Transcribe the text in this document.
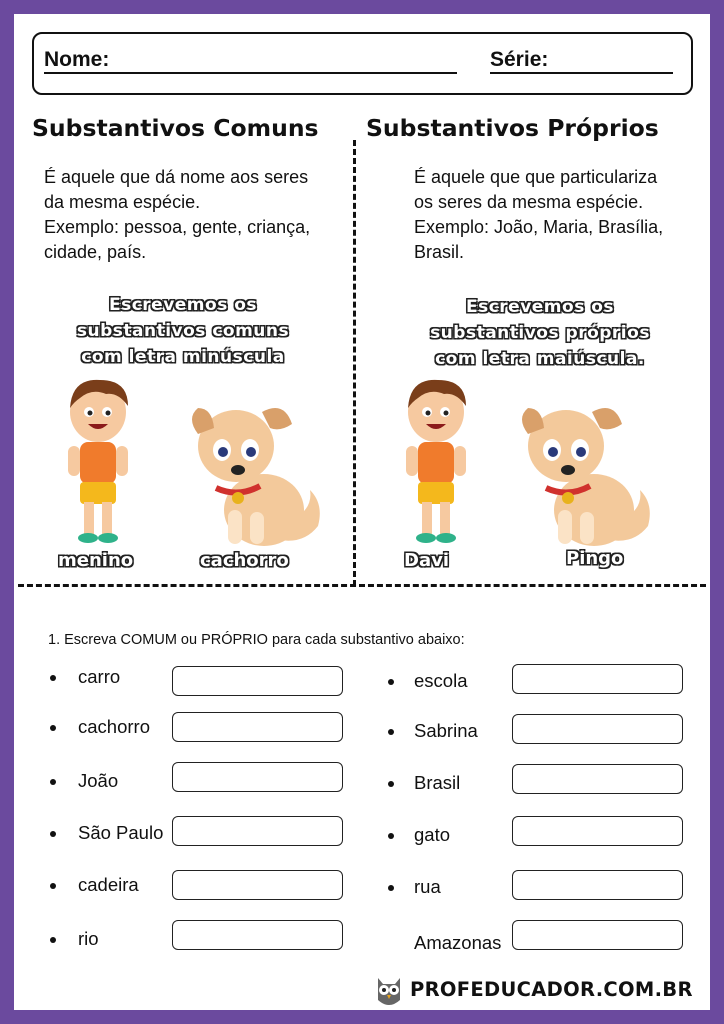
Nome:	Série:
Substantivos Comuns Substantivos Próprios
É aquele que dá nome aos seres
da mesma espécie.
Exemplo: pessoa, gente, criança,
cidade, país.
É aquele que que particulariza
os seres da mesma espécie.
Exemplo: João, Maria, Brasília,
Brasil.
Escrevemos os
substantivos comuns
com letra minúscula
Escrevemos os
substantivos próprios
com letra maiúscula.
menino	cachorro	Davi	Pingo
1. Escreva COMUM ou PRÓPRIO para cada substantivo abaixo:
carro
cachorro
João
São Paulo
cadeira
rio
escola
Sabrina
Brasil
gato
rua
Amazonas
PROFEDUCADOR.COM.BR
